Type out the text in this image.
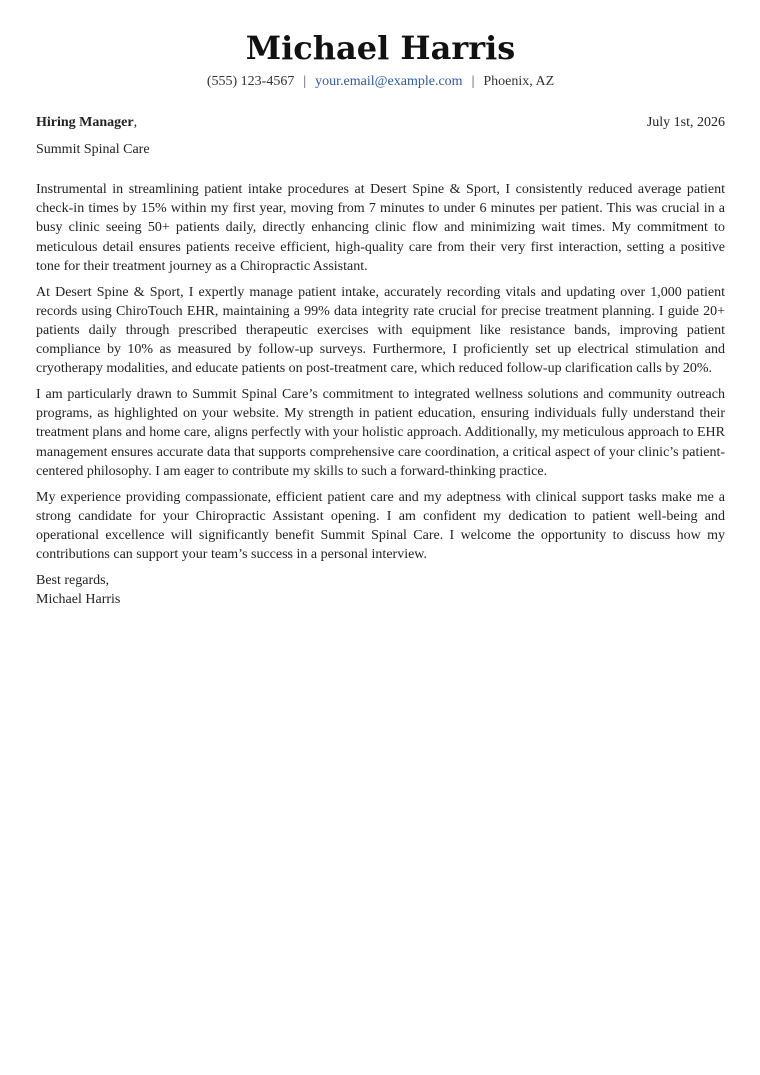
Michael Harris
(555) 123-4567 | your.email@example.com | Phoenix, AZ
Hiring Manager,	July 1st, 2026
Summit Spinal Care

Instrumental in streamlining patient intake procedures at Desert Spine & Sport, I consistently reduced average patient check-in times by 15% within my first year, moving from 7 minutes to under 6 minutes per patient. This was crucial in a busy clinic seeing 50+ patients daily, directly enhancing clinic flow and minimizing wait times. My commitment to meticulous detail ensures patients receive efficient, high-quality care from their very first interaction, setting a positive tone for their treatment journey as a Chiropractic Assistant.

At Desert Spine & Sport, I expertly manage patient intake, accurately recording vitals and updating over 1,000 patient records using ChiroTouch EHR, maintaining a 99% data integrity rate crucial for precise treatment planning. I guide 20+ patients daily through prescribed therapeutic exercises with equipment like resistance bands, improving patient compliance by 10% as measured by follow-up surveys. Furthermore, I proficiently set up electrical stimulation and cryotherapy modalities, and educate patients on post-treatment care, which reduced follow-up clarification calls by 20%.

I am particularly drawn to Summit Spinal Care’s commitment to integrated wellness solutions and community outreach programs, as highlighted on your website. My strength in patient education, ensuring individuals fully understand their treatment plans and home care, aligns perfectly with your holistic approach. Additionally, my meticulous approach to EHR management ensures accurate data that supports comprehensive care coordination, a critical aspect of your clinic’s patient-centered philosophy. I am eager to contribute my skills to such a forward-thinking practice.

My experience providing compassionate, efficient patient care and my adeptness with clinical support tasks make me a strong candidate for your Chiropractic Assistant opening. I am confident my dedication to patient well-being and operational excellence will significantly benefit Summit Spinal Care. I welcome the opportunity to discuss how my contributions can support your team’s success in a personal interview.

Best regards,
Michael Harris
